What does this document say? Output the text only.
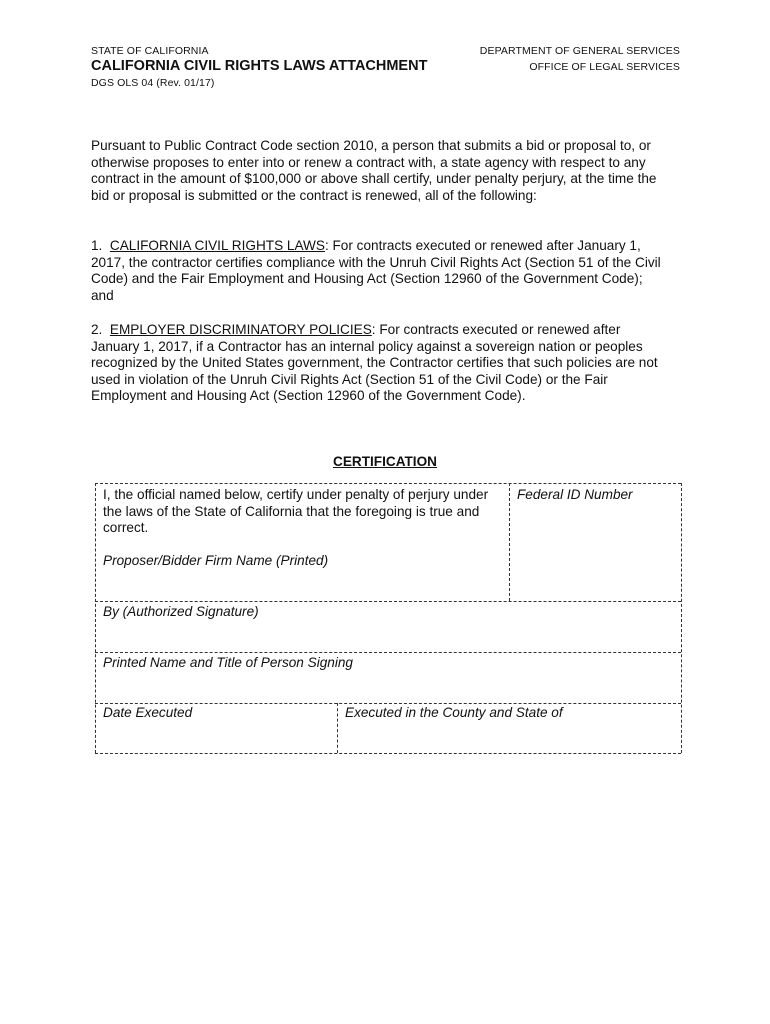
STATE OF CALIFORNIA
CALIFORNIA CIVIL RIGHTS LAWS ATTACHMENT
DGS OLS 04 (Rev. 01/17)
DEPARTMENT OF GENERAL SERVICES
OFFICE OF LEGAL SERVICES
Pursuant to Public Contract Code section 2010, a person that submits a bid or proposal to, or
otherwise proposes to enter into or renew a contract with, a state agency with respect to any
contract in the amount of $100,000 or above shall certify, under penalty perjury, at the time the
bid or proposal is submitted or the contract is renewed, all of the following:
1. CALIFORNIA CIVIL RIGHTS LAWS: For contracts executed or renewed after January 1,
2017, the contractor certifies compliance with the Unruh Civil Rights Act (Section 51 of the Civil
Code) and the Fair Employment and Housing Act (Section 12960 of the Government Code);
and
2. EMPLOYER DISCRIMINATORY POLICIES: For contracts executed or renewed after
January 1, 2017, if a Contractor has an internal policy against a sovereign nation or peoples
recognized by the United States government, the Contractor certifies that such policies are not
used in violation of the Unruh Civil Rights Act (Section 51 of the Civil Code) or the Fair
Employment and Housing Act (Section 12960 of the Government Code).
CERTIFICATION
I, the official named below, certify under penalty of perjury under
the laws of the State of California that the foregoing is true and
correct.
Proposer/Bidder Firm Name (Printed)
Federal ID Number
By (Authorized Signature)
Printed Name and Title of Person Signing
Date Executed	Executed in the County and State of
